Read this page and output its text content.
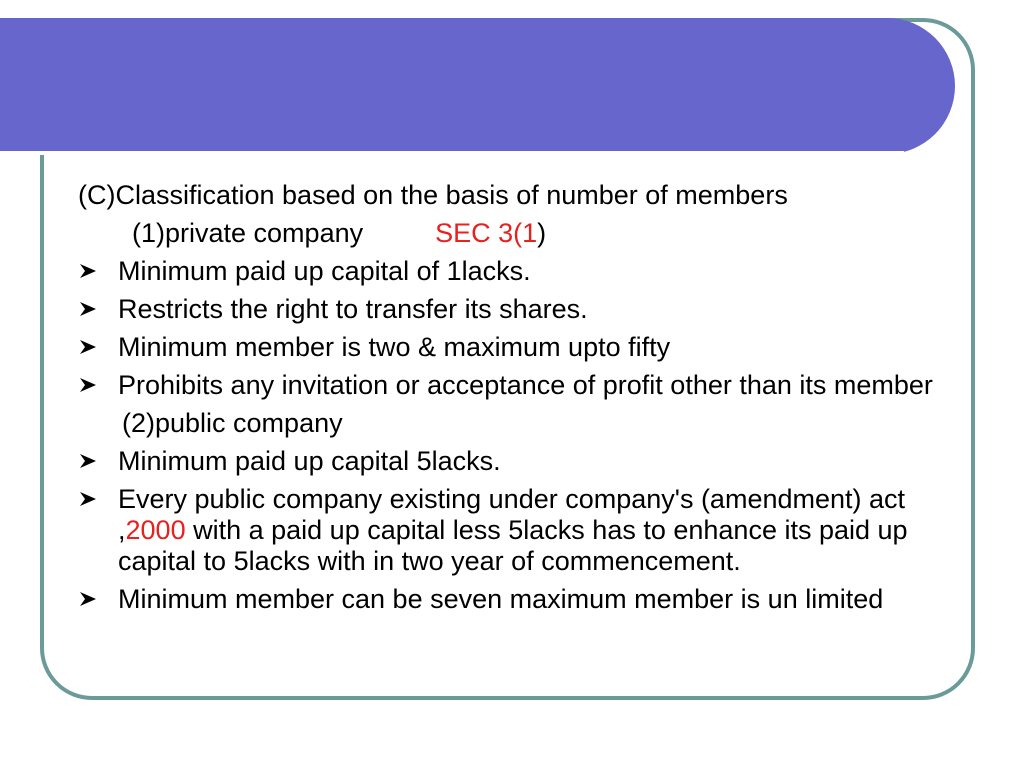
(C)Classification based on the basis of number of members
(1)private company	SEC 3(1)
Minimum paid up capital of 1lacks.
Restricts the right to transfer its shares.
Minimum member is two & maximum upto fifty
Prohibits any invitation or acceptance of profit other than its member
(2)public company
Minimum paid up capital 5lacks.
Every public company existing under company's (amendment) act ,2000 with a paid up capital less 5lacks has to enhance its paid up capital to 5lacks with in two year of commencement.
Minimum member can be seven maximum member is un limited
